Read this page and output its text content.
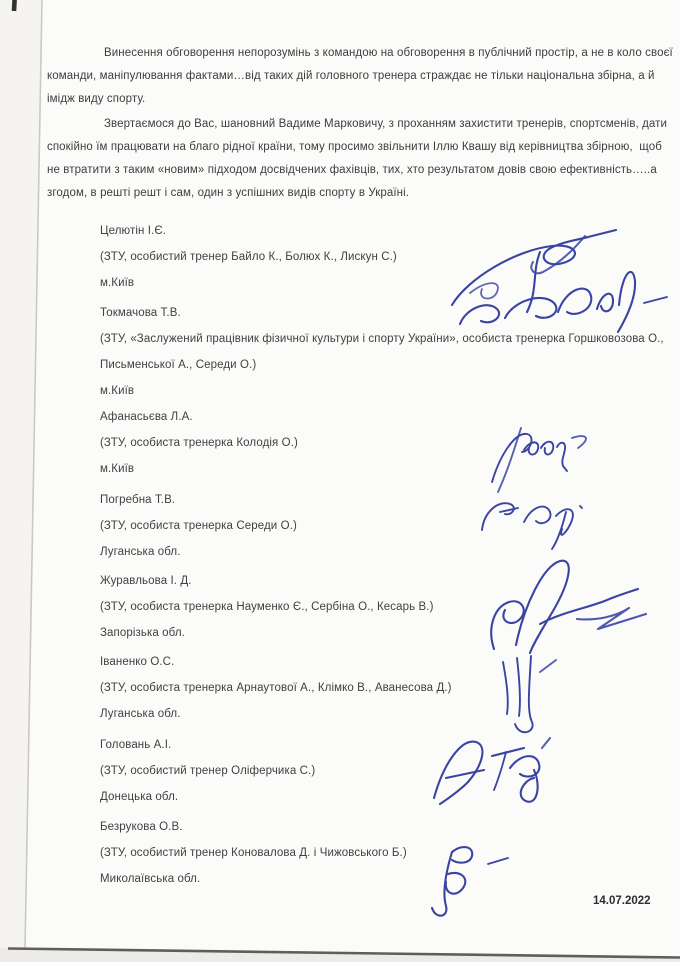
Винесення обговорення непорозумінь з командою на обговорення в публічний простір, а не в коло своєї
команди, маніпулювання фактами…від таких дій головного тренера страждає не тільки національна збірна, а й
імідж виду спорту.
Звертаємося до Вас, шановний Вадиме Марковичу, з проханням захистити тренерів, спортсменів, дати
спокійно їм працювати на благо рідної країни, тому просимо звільнити Іллю Квашу від керівництва збірною,  щоб
не втратити з таким «новим» підходом досвідчених фахівців, тих, хто результатом довів свою ефективність…..а
згодом, в решті решт і сам, один з успішних видів спорту в Україні.
Целютін І.Є.
(ЗТУ, особистий тренер Байло К., Болюх К., Лискун С.)
м.Київ
Токмачова Т.В.
(ЗТУ, «Заслужений працівник фізичної культури і спорту України», особиста тренерка Горшковозова О.,
Письменської А., Середи О.)
м.Київ
Афанасьєва Л.А.
(ЗТУ, особиста тренерка Колодія О.)
м.Київ
Погребна Т.В.
(ЗТУ, особиста тренерка Середи О.)
Луганська обл.
Журавльова І. Д.
(ЗТУ, особиста тренерка Науменко Є., Сербіна О., Кесарь В.)
Запорізька обл.
Іваненко О.С.
(ЗТУ, особиста тренерка Арнаутової А., Клімко В., Аванесова Д.)
Луганська обл.
Головань А.І.
(ЗТУ, особистий тренер Оліферчика С.)
Донецька обл.
Безрукова О.В.
(ЗТУ, особистий тренер Коновалова Д. і Чижовського Б.)
Миколаївська обл.
14.07.2022
